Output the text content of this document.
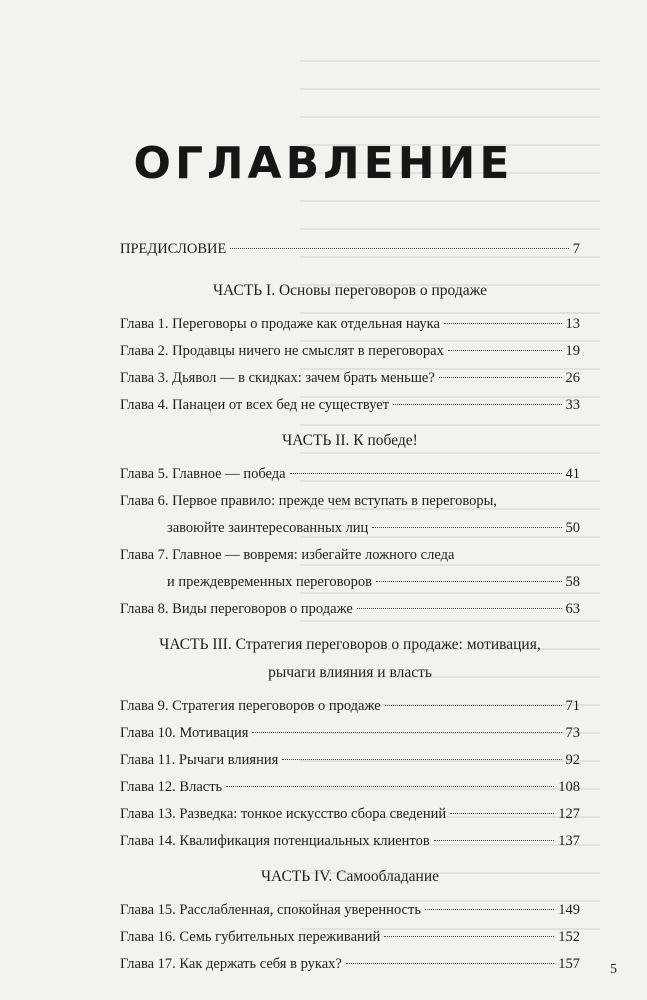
ОГЛАВЛЕНИЕ
ПРЕДИСЛОВИЕ	7
ЧАСТЬ I. Основы переговоров о продаже
Глава 1. Переговоры о продаже как отдельная наука	13
Глава 2. Продавцы ничего не смыслят в переговорах	19
Глава 3. Дьявол — в скидках: зачем брать меньше?	26
Глава 4. Панацеи от всех бед не существует	33
ЧАСТЬ II. К победе!
Глава 5. Главное — победа	41
Глава 6. Первое правило: прежде чем вступать в переговоры,
завоюйте заинтересованных лиц	50
Глава 7. Главное — вовремя: избегайте ложного следа
и преждевременных переговоров	58
Глава 8. Виды переговоров о продаже	63
ЧАСТЬ III. Стратегия переговоров о продаже: мотивация,
рычаги влияния и власть
Глава 9. Стратегия переговоров о продаже	71
Глава 10. Мотивация	73
Глава 11. Рычаги влияния	92
Глава 12. Власть	108
Глава 13. Разведка: тонкое искусство сбора сведений	127
Глава 14. Квалификация потенциальных клиентов	137
ЧАСТЬ IV. Самообладание
Глава 15. Расслабленная, спокойная уверенность	149
Глава 16. Семь губительных переживаний	152
Глава 17. Как держать себя в руках?	157 5
